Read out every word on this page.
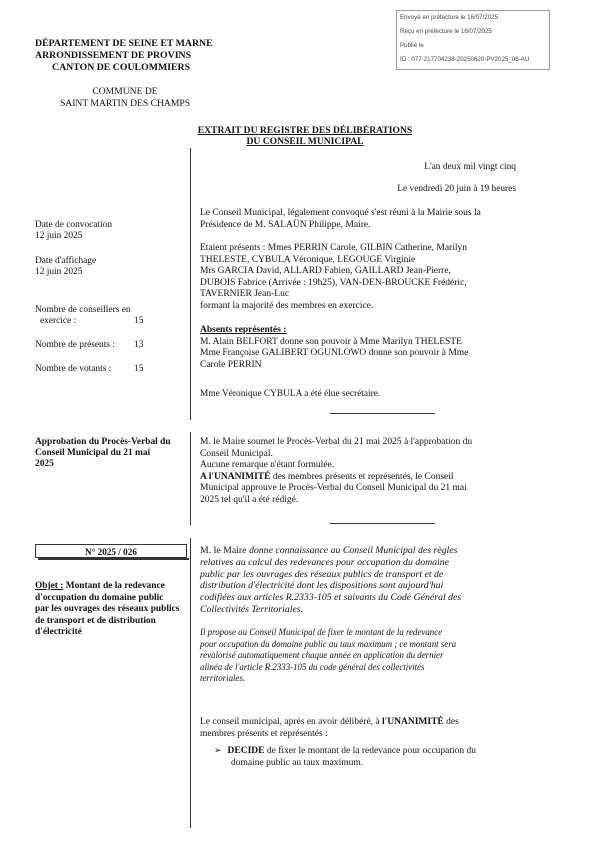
Envoyé en préfecture le 16/07/2025
Reçu en préfecture le 16/07/2025
Publié le
ID : 077-217704238-20250620-PV2025_06-AU
DÉPARTEMENT DE SEINE ET MARNE
ARRONDISSEMENT DE PROVINS
CANTON DE COULOMMIERS
COMMUNE DE
SAINT MARTIN DES CHAMPS
EXTRAIT DU REGISTRE DES DÉLIBÉRATIONS
DU CONSEIL MUNICIPAL
L'an deux mil vingt cinq
Le vendredi 20 juin à 19 heures
Date de convocation
12 juin 2025
Date d'affichage
12 juin 2025
Nombre de conseillers en
exercice :	15
Nombre de présents : 13
Nombre de votants : 15
Le Conseil Municipal, légalement convoqué s'est réuni à la Mairie sous la
Présidence de M. SALAÜN Philippe, Maire.
Etaient présents : Mmes PERRIN Carole, GILBIN Catherine, Marilyn
THELESTE, CYBULA Véronique, LEGOUGE Virginie
Mrs GARCIA David, ALLARD Fabien, GAILLARD Jean-Pierre,
DUBOIS Fabrice (Arrivée : 19h25), VAN-DEN-BROUCKE Frédéric,
TAVERNIER Jean-Luc
formant la majorité des membres en exercice.
Absents représentés :
M. Alain BELFORT donne son pouvoir à Mme Marilyn THELESTE
Mme Françoise GALIBERT OGUNLOWO donne son pouvoir à Mme
Carole PERRIN
Mme Véronique CYBULA a été élue secrétaire.
Approbation du Procès-Verbal du
Conseil Municipal du 21 mai
2025
M. le Maire soumet le Procès-Verbal du 21 mai 2025 à l'approbation du
Conseil Municipal.
Aucune remarque n'étant formulée.
A l'UNANIMITÉ des membres présents et représentés, le Conseil
Municipal approuve le Procès-Verbal du Conseil Municipal du 21 mai
2025 tel qu'il a été rédigé.
N° 2025 / 026
Objet : Montant de la redevance
d'occupation du domaine public
par les ouvrages des réseaux publics
de transport et de distribution
d'électricité
M. le Maire donne connaissance au Conseil Municipal des règles
relatives au calcul des redevances pour occupation du domaine
public par les ouvrages des réseaux publics de transport et de
distribution d'électricité dont les dispositions sont aujourd'hui
codifiées aux articles R.2333-105 et suivants du Code Général des
Collectivités Territoriales.
Il propose au Conseil Municipal de fixer le montant de la redevance
pour occupation du domaine public au taux maximum ; ce montant sera
revalorisé automatiquement chaque année en application du dernier
alinéa de l'article R.2333-105 du code général des collectivités
territoriales.
Le conseil municipal, après en avoir délibéré, à l'UNANIMITÉ des
membres présents et représentés :
➢ DECIDE de fixer le montant de la redevance pour occupation du
domaine public au taux maximum.
